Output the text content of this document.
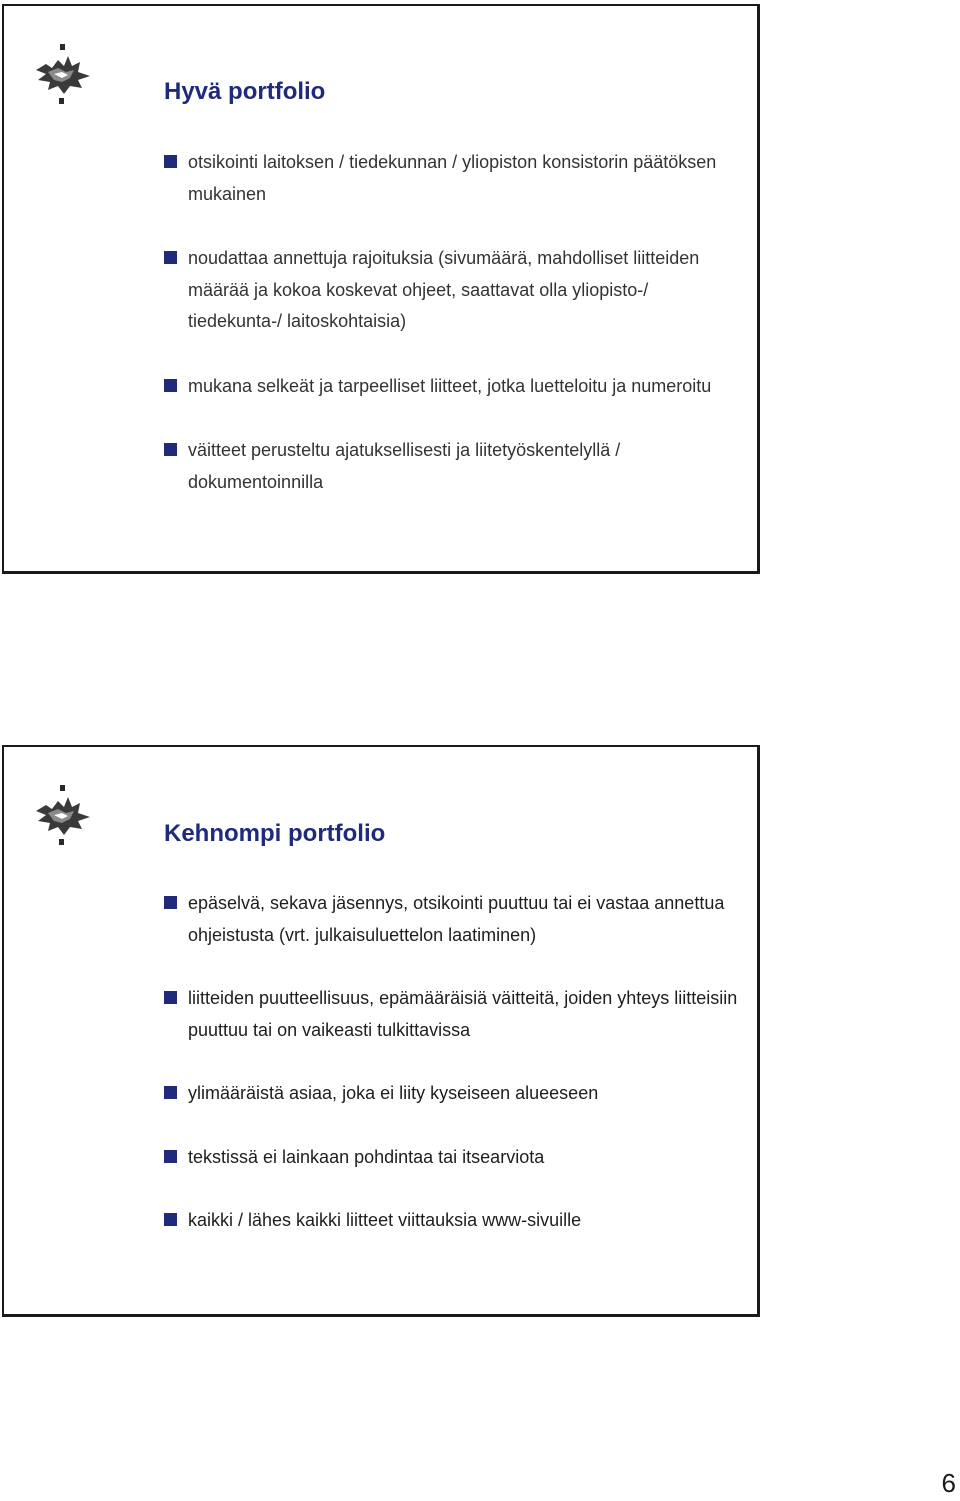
Hyvä portfolio
otsikointi laitoksen / tiedekunnan / yliopiston konsistorin päätöksen mukainen
noudattaa annettuja rajoituksia (sivumäärä, mahdolliset liitteiden määrää ja kokoa koskevat ohjeet, saattavat olla yliopisto-/ tiedekunta-/ laitoskohtaisia)
mukana selkeät ja tarpeelliset liitteet, jotka luetteloitu ja numeroitu
väitteet perusteltu ajatuksellisesti ja liitetyöskentelyllä / dokumentoinnilla
Kehnompi portfolio
epäselvä, sekava jäsennys, otsikointi puuttuu tai ei vastaa annettua ohjeistusta (vrt. julkaisuluettelon laatiminen)
liitteiden puutteellisuus, epämääräisiä väitteitä, joiden yhteys liitteisiin puuttuu tai on vaikeasti tulkittavissa
ylimääräistä asiaa, joka ei liity kyseiseen alueeseen
tekstissä ei lainkaan pohdintaa tai itsearviota
kaikki / lähes kaikki liitteet viittauksia www-sivuille
6
